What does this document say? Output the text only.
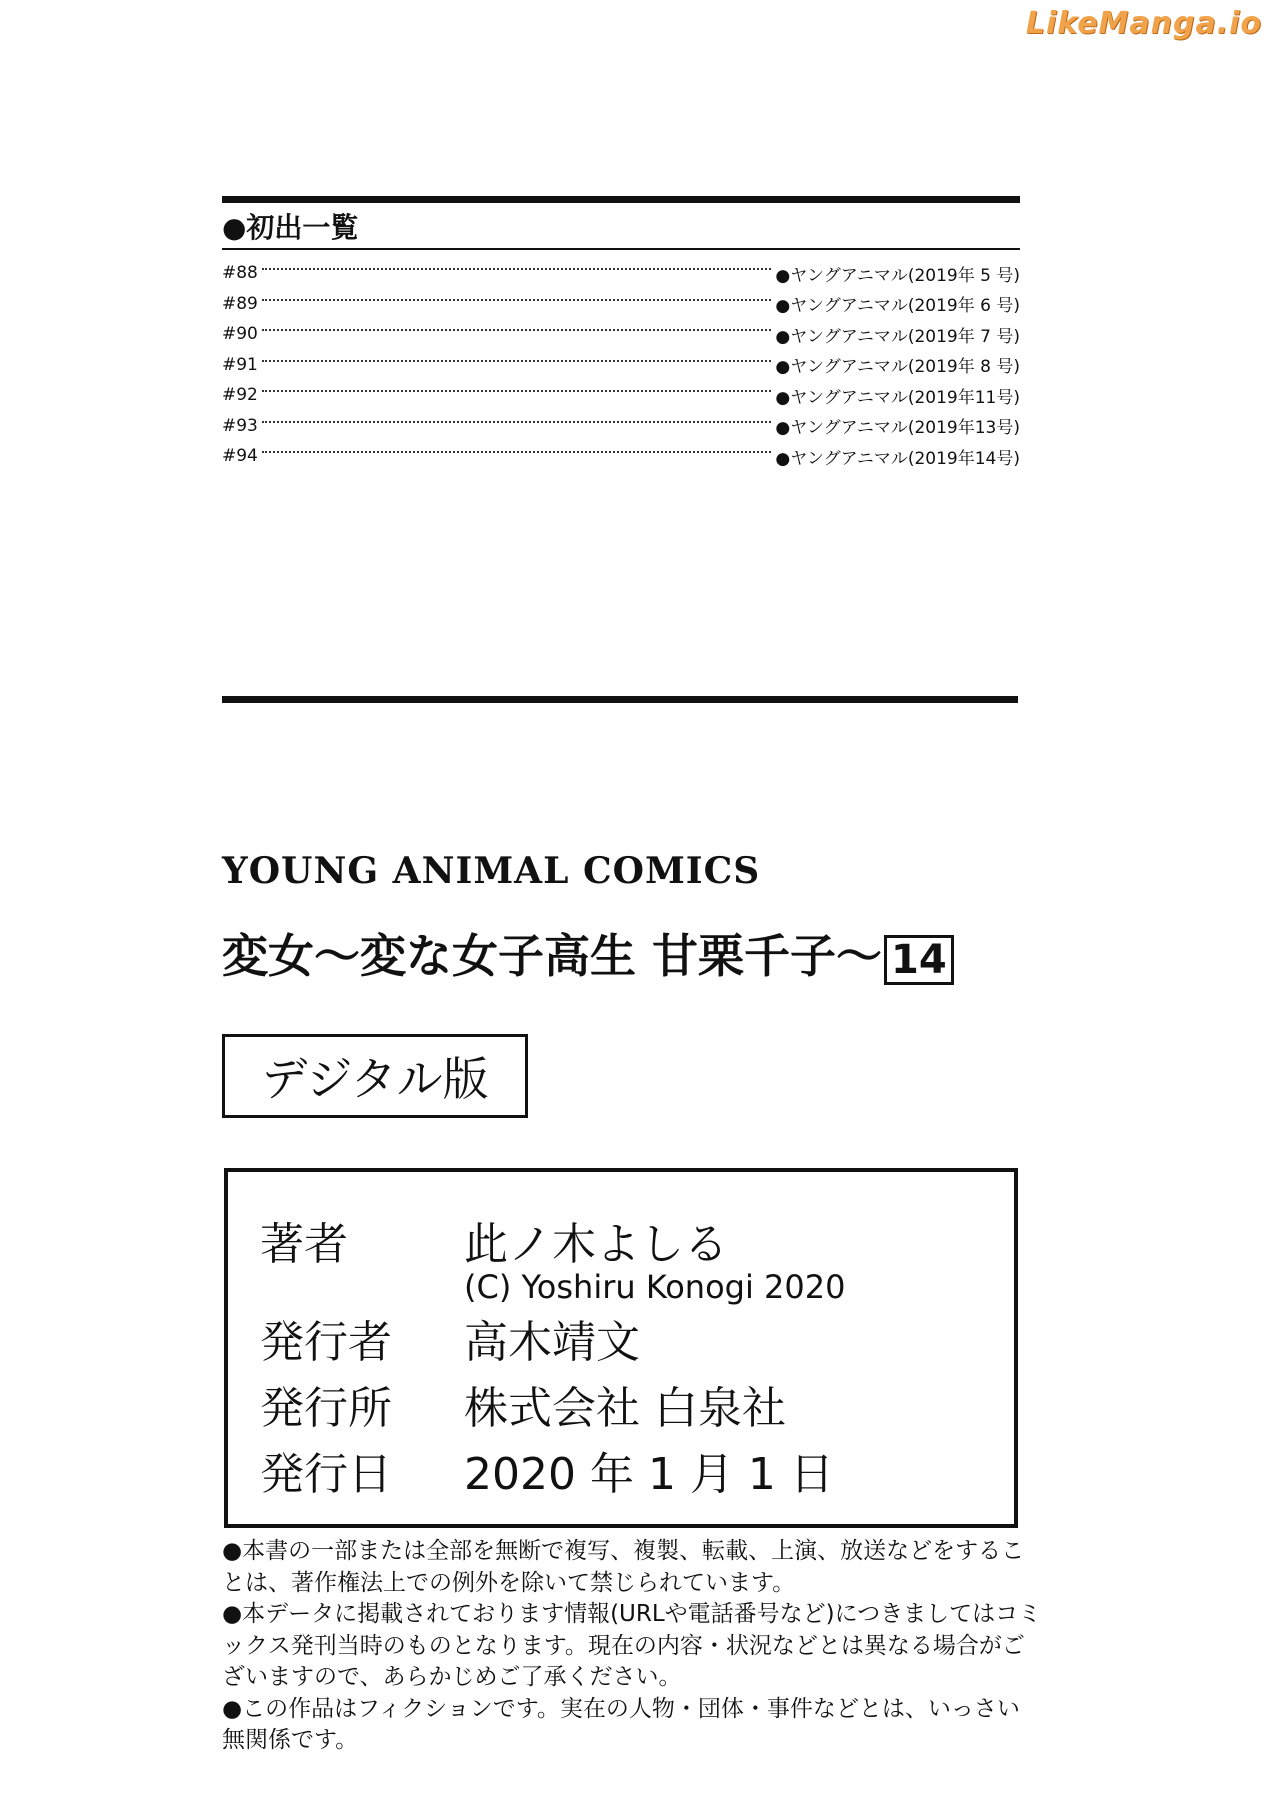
LikeManga.io
●初出一覧
#88	●ヤングアニマル(2019年 5 号)
#89	●ヤングアニマル(2019年 6 号)
#90	●ヤングアニマル(2019年 7 号)
#91	●ヤングアニマル(2019年 8 号)
#92	●ヤングアニマル(2019年11号)
#93	●ヤングアニマル(2019年13号)
#94	●ヤングアニマル(2019年14号)
YOUNG ANIMAL COMICS
変女〜変な女子高生 甘栗千子〜 14
デジタル版
著者	此ノ木よしる
(C) Yoshiru Konogi 2020
発行者 高木靖文
発行所 株式会社 白泉社
発行日 2020 年 1 月 1 日

●本書の一部または全部を無断で複写、複製、転載、上演、放送などをすることは、著作権法上での例外を除いて禁じられています。

●本データに掲載されております情報(URLや電話番号など)につきましてはコミックス発刊当時のものとなります。現在の内容・状況などとは異なる場合がございますので、あらかじめご了承ください。

●この作品はフィクションです。実在の人物・団体・事件などとは、いっさい無関係です。
